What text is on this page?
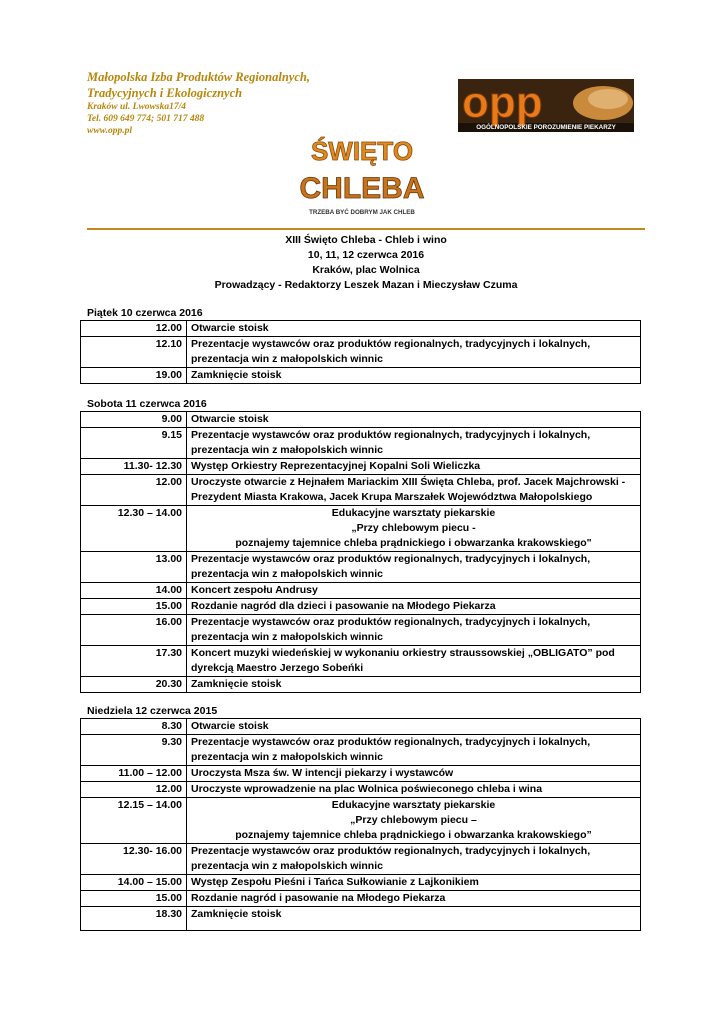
Małopolska Izba Produktów Regionalnych,
Tradycyjnych i Ekologicznych
Kraków ul. Lwowska17/4
Tel. 609 649 774; 501 717 488
www.opp.pl
opp
OGÓLNOPOLSKIE POROZUMIENIE PIEKARZY
ŚWIĘTO
CHLEBA
TRZEBA BYĆ DOBRYM JAK CHLEB
XIII Święto Chleba - Chleb i wino
10, 11, 12 czerwca 2016
Kraków, plac Wolnica
Prowadzący - Redaktorzy Leszek Mazan i Mieczysław Czuma
Piątek 10 czerwca 2016
12.00	Otwarcie stoisk

12.10	Prezentacje wystawców oraz produktów regionalnych, tradycyjnych i lokalnych,
prezentacja win z małopolskich winnic

19.00	Zamknięcie stoisk
Sobota 11 czerwca 2016
9.00	Otwarcie stoisk

9.15	Prezentacje wystawców oraz produktów regionalnych, tradycyjnych i lokalnych,
prezentacja win z małopolskich winnic

11.30- 12.30	Występ Orkiestry Reprezentacyjnej Kopalni Soli Wieliczka

12.00	Uroczyste otwarcie z Hejnałem Mariackim XIII Święta Chleba, prof. Jacek Majchrowski -
Prezydent Miasta Krakowa, Jacek Krupa Marszałek Województwa Małopolskiego

12.30 – 14.00	Edukacyjne warsztaty piekarskie
„Przy chlebowym piecu -
poznajemy tajemnice chleba prądnickiego i obwarzanka krakowskiego"

13.00	Prezentacje wystawców oraz produktów regionalnych, tradycyjnych i lokalnych,
prezentacja win z małopolskich winnic

14.00	Koncert zespołu Andrusy

15.00	Rozdanie nagród dla dzieci i pasowanie na Młodego Piekarza

16.00	Prezentacje wystawców oraz produktów regionalnych, tradycyjnych i lokalnych,
prezentacja win z małopolskich winnic

17.30	Koncert muzyki wiedeńskiej w wykonaniu orkiestry straussowskiej „OBLIGATO” pod
dyrekcją Maestro Jerzego Sobeńki

20.30	Zamknięcie stoisk
Niedziela 12 czerwca 2015
8.30	Otwarcie stoisk

9.30	Prezentacje wystawców oraz produktów regionalnych, tradycyjnych i lokalnych,
prezentacja win z małopolskich winnic

11.00 – 12.00	Uroczysta Msza św. W intencji piekarzy i wystawców

12.00	Uroczyste wprowadzenie na plac Wolnica poświeconego chleba i wina

12.15 – 14.00	Edukacyjne warsztaty piekarskie
„Przy chlebowym piecu –
poznajemy tajemnice chleba prądnickiego i obwarzanka krakowskiego”

12.30- 16.00	Prezentacje wystawców oraz produktów regionalnych, tradycyjnych i lokalnych,
prezentacja win z małopolskich winnic

14.00 – 15.00	Występ Zespołu Pieśni i Tańca Sułkowianie z Lajkonikiem

15.00	Rozdanie nagród i pasowanie na Młodego Piekarza

18.30	Zamknięcie stoisk
